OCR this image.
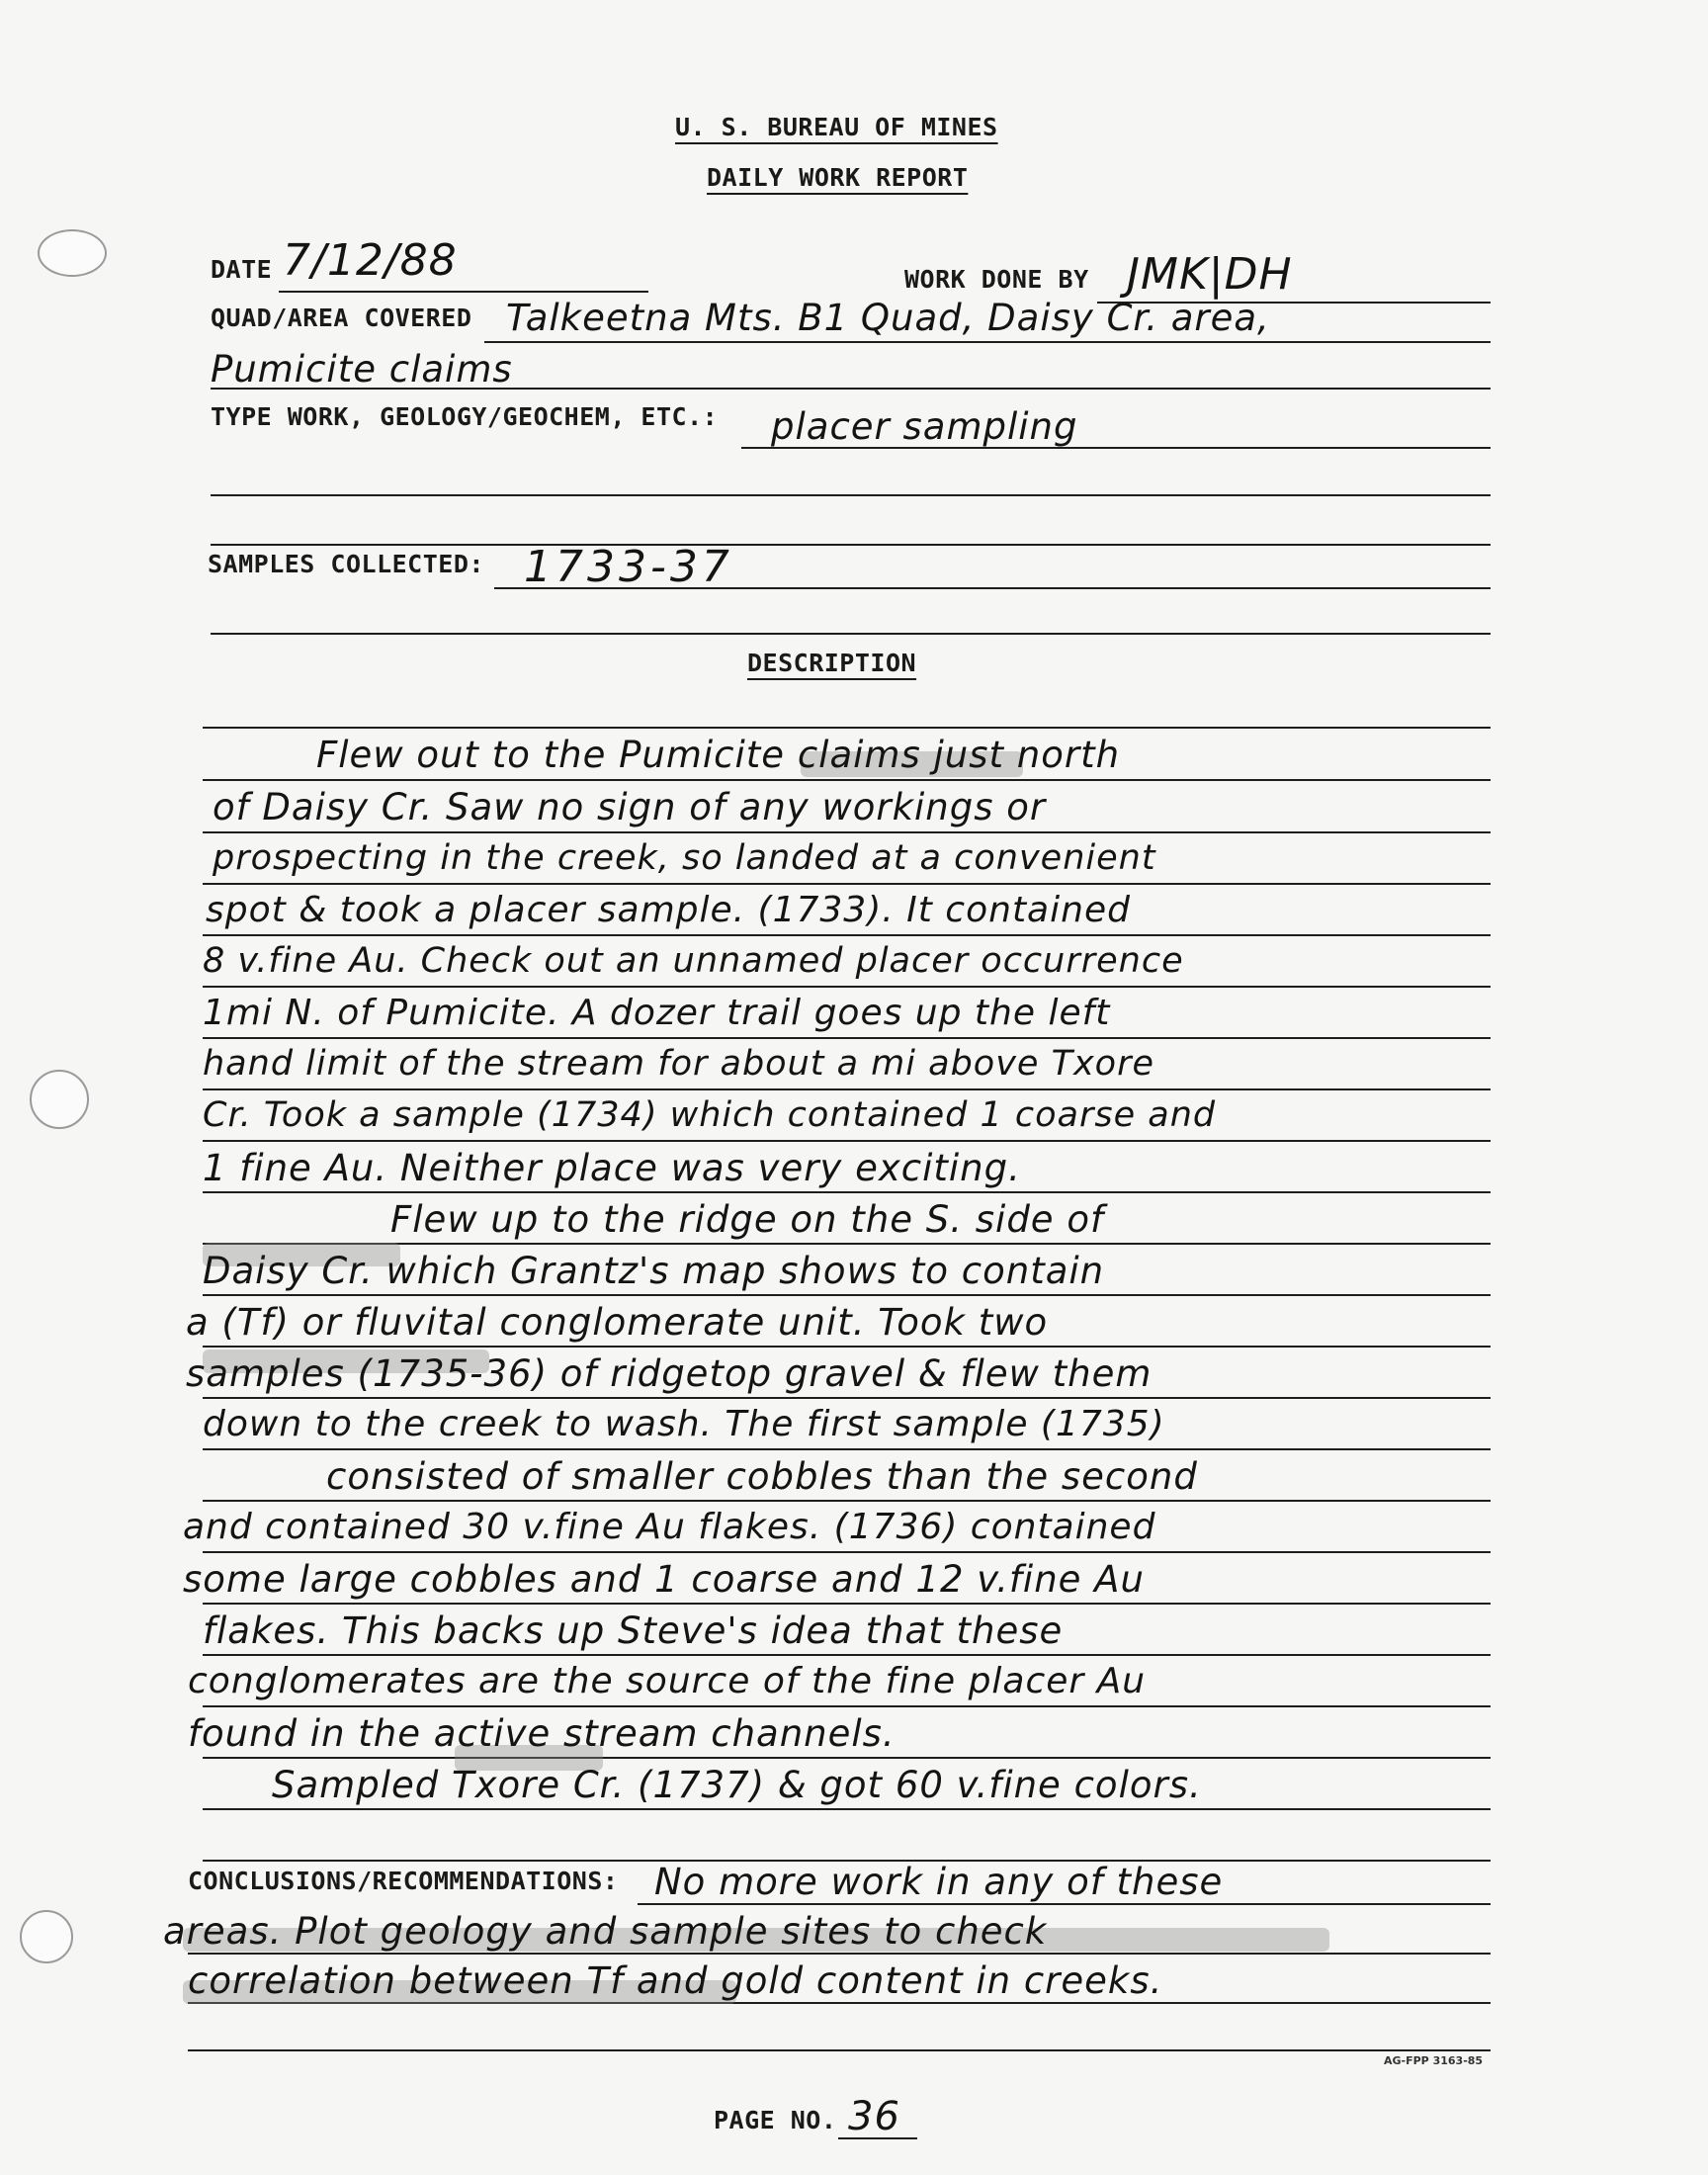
U. S. BUREAU OF MINES
DAILY WORK REPORT
DATE 7/12/88	WORK DONE BY JMK|DH
QUAD/AREA COVERED Talkeetna Mts. B1 Quad, Daisy Cr. area,
Pumicite claims
TYPE WORK, GEOLOGY/GEOCHEM, ETC.: placer sampling
SAMPLES COLLECTED: 1733-37
DESCRIPTION
Flew out to the Pumicite claims just north
of Daisy Cr. Saw no sign of any workings or
prospecting in the creek, so landed at a convenient
spot & took a placer sample. (1733). It contained
8 v.fine Au. Check out an unnamed placer occurrence
1mi N. of Pumicite. A dozer trail goes up the left
hand limit of the stream for about a mi above Txore
Cr. Took a sample (1734) which contained 1 coarse and
1 fine Au. Neither place was very exciting.
Flew up to the ridge on the S. side of
Daisy Cr. which Grantz's map shows to contain
a (Tf) or fluvital conglomerate unit. Took two
samples (1735-36) of ridgetop gravel & flew them
down to the creek to wash. The first sample (1735)
consisted of smaller cobbles than the second
and contained 30 v.fine Au flakes. (1736) contained
some large cobbles and 1 coarse and 12 v.fine Au
flakes. This backs up Steve's idea that these
conglomerates are the source of the fine placer Au
found in the active stream channels.
Sampled Txore Cr. (1737) & got 60 v.fine colors.
CONCLUSIONS/RECOMMENDATIONS: No more work in any of these
areas. Plot geology and sample sites to check
correlation between Tf and gold content in creeks.
AG-FPP 3163-85
PAGE NO. 36
